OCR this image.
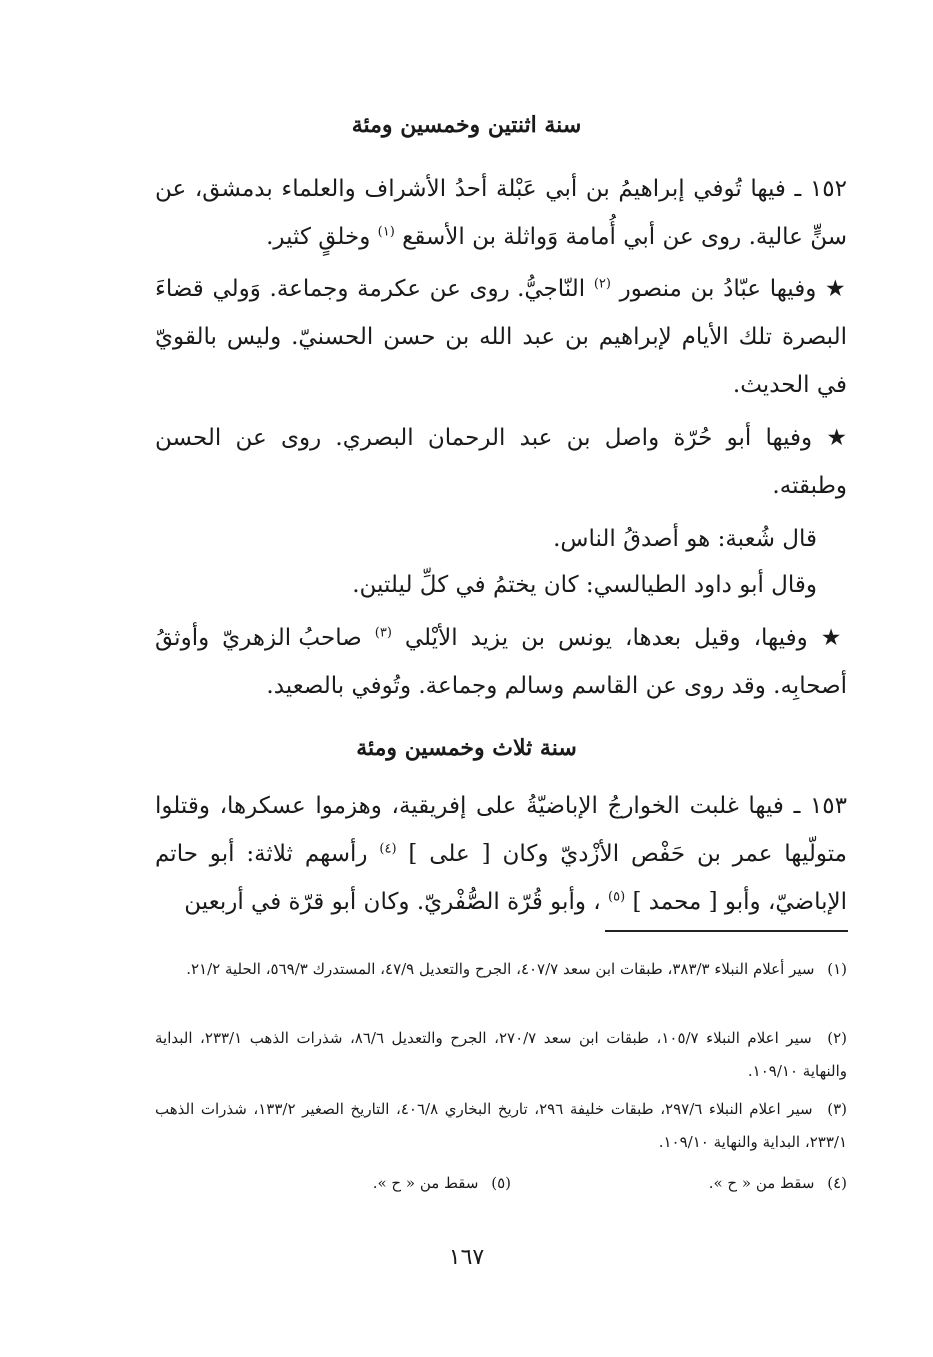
سنة اثنتين وخمسين ومئة
١٥٢ ـ فيها تُوفي إبراهيمُ بن أبي عَبْلة أحدُ الأشراف والعلماء بدمشق، عن سنٍّ عالية. روى عن أبي أُمامة وَواثلة بن الأسقع $^{(١)}$ وخلقٍ كثير.
★ وفيها عبّادُ بن منصور $^{(٢)}$ النّاجيُّ. روى عن عكرمة وجماعة. وَولي قضاءَ البصرة تلك الأيام لإبراهيم بن عبد الله بن حسن الحسنيّ. وليس بالقويّ في الحديث.
★ وفيها أبو حُرّة واصل بن عبد الرحمان البصري. روى عن الحسن وطبقته.
قال شُعبة: هو أصدقُ الناس.
وقال أبو داود الطيالسي: كان يختمُ في كلِّ ليلتين.
★ وفيها، وقيل بعدها، يونس بن يزيد الأيْلي $^{(٣)}$ صاحبُ الزهريّ وأوثقُ أصحابِه. وقد روى عن القاسم وسالم وجماعة. وتُوفي بالصعيد.
سنة ثلاث وخمسين ومئة
١٥٣ ـ فيها غلبت الخوارجُ الإباضيّةُ على إفريقية، وهزموا عسكرها، وقتلوا متولّيها عمر بن حَفْص الأزْديّ وكان [ على ] $^{(٤)}$ رأسهم ثلاثة: أبو حاتم الإباضيّ، وأبو [ محمد ] $^{(٥)}$ ، وأبو قُرّة الصُّفْريّ. وكان أبو قرّة في أربعين
(١) سير أعلام النبلاء ٣٨٣/٣، طبقات ابن سعد ٤٠٧/٧، الجرح والتعديل ٤٧/٩، المستدرك ٥٦٩/٣، الحلية ٢١/٢.
(٢) سير اعلام النبلاء ١٠٥/٧، طبقات ابن سعد ٢٧٠/٧، الجرح والتعديل ٨٦/٦، شذرات الذهب ٢٣٣/١، البداية والنهاية ١٠٩/١٠.
(٣) سير اعلام النبلاء ٢٩٧/٦، طبقات خليفة ٢٩٦، تاريخ البخاري ٤٠٦/٨، التاريخ الصغير ١٣٣/٢، شذرات الذهب ٢٣٣/١، البداية والنهاية ١٠٩/١٠.
(٤) سقط من « ح ».
(٥) سقط من « ح ».
١٦٧
